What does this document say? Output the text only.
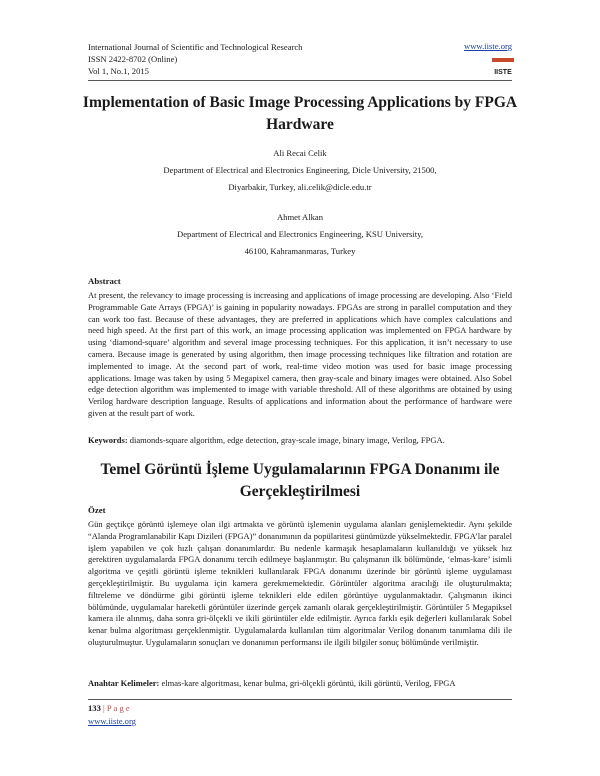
International Journal of Scientific and Technological Research
ISSN 2422-8702 (Online)
Vol 1, No.1, 2015
www.iiste.org
IISTE
Implementation of Basic Image Processing Applications by FPGA Hardware
Ali Recai Celik
Department of Electrical and Electronics Engineering, Dicle University, 21500,
Diyarbakir, Turkey, ali.celik@dicle.edu.tr
Ahmet Alkan
Department of Electrical and Electronics Engineering, KSU University,
46100, Kahramanmaras, Turkey
Abstract
At present, the relevancy to image processing is increasing and applications of image processing are developing. Also ‘Field Programmable Gate Arrays (FPGA)’ is gaining in popularity nowadays. FPGAs are strong in parallel computation and they can work too fast. Because of these advantages, they are preferred in applications which have complex calculations and need high speed. At the first part of this work, an image processing application was implemented on FPGA hardware by using ‘diamond-square’ algorithm and several image processing techniques. For this application, it isn’t necessary to use camera. Because image is generated by using algorithm, then image processing techniques like filtration and rotation are implemented to image. At the second part of work, real-time video motion was used for basic image processing applications. Image was taken by using 5 Megapixel camera, then gray-scale and binary images were obtained. Also Sobel edge detection algorithm was implemented to image with variable threshold. All of these algorithms are obtained by using Verilog hardware description language. Results of applications and information about the performance of hardware were given at the result part of work.
Keywords: diamonds-square algorithm, edge detection, gray-scale image, binary image, Verilog, FPGA.
Temel Görüntü İşleme Uygulamalarının FPGA Donanımı ile Gerçekleştirilmesi
Özet
Gün geçtikçe görüntü işlemeye olan ilgi artmakta ve görüntü işlemenin uygulama alanları genişlemektedir. Aynı şekilde “Alanda Programlanabilir Kapı Dizileri (FPGA)” donanımının da popülaritesi günümüzde yükselmektedir. FPGA’lar paralel işlem yapabilen ve çok hızlı çalışan donanımlardır. Bu nedenle karmaşık hesaplamaların kullanıldığı ve yüksek hız gerektiren uygulamalarda FPGA donanımı tercih edilmeye başlanmıştır. Bu çalışmanın ilk bölümünde, ‘elmas-kare’ isimli algoritma ve çeşitli görüntü işleme teknikleri kullanılarak FPGA donanımı üzerinde bir görüntü işleme uygulaması gerçekleştirilmiştir. Bu uygulama için kamera gerekmemektedir. Görüntüler algoritma aracılığı ile oluşturulmakta; filtreleme ve döndürme gibi görüntü işleme teknikleri elde edilen görüntüye uygulanmaktadır. Çalışmanın ikinci bölümünde, uygulamalar hareketli görüntüler üzerinde gerçek zamanlı olarak gerçekleştirilmiştir. Görüntüler 5 Megapiksel kamera ile alınmış, daha sonra gri-ölçekli ve ikili görüntüler elde edilmiştir. Ayrıca farklı eşik değerleri kullanılarak Sobel kenar bulma algoritması gerçeklenmiştir. Uygulamalarda kullanılan tüm algoritmalar Verilog donanım tanımlama dili ile oluşturulmuştur. Uygulamaların sonuçları ve donanımın performansı ile ilgili bilgiler sonuç bölümünde verilmiştir.
Anahtar Kelimeler: elmas-kare algoritması, kenar bulma, gri-ölçekli görüntü, ikili görüntü, Verilog, FPGA
133 | P a g e
www.iiste.org
